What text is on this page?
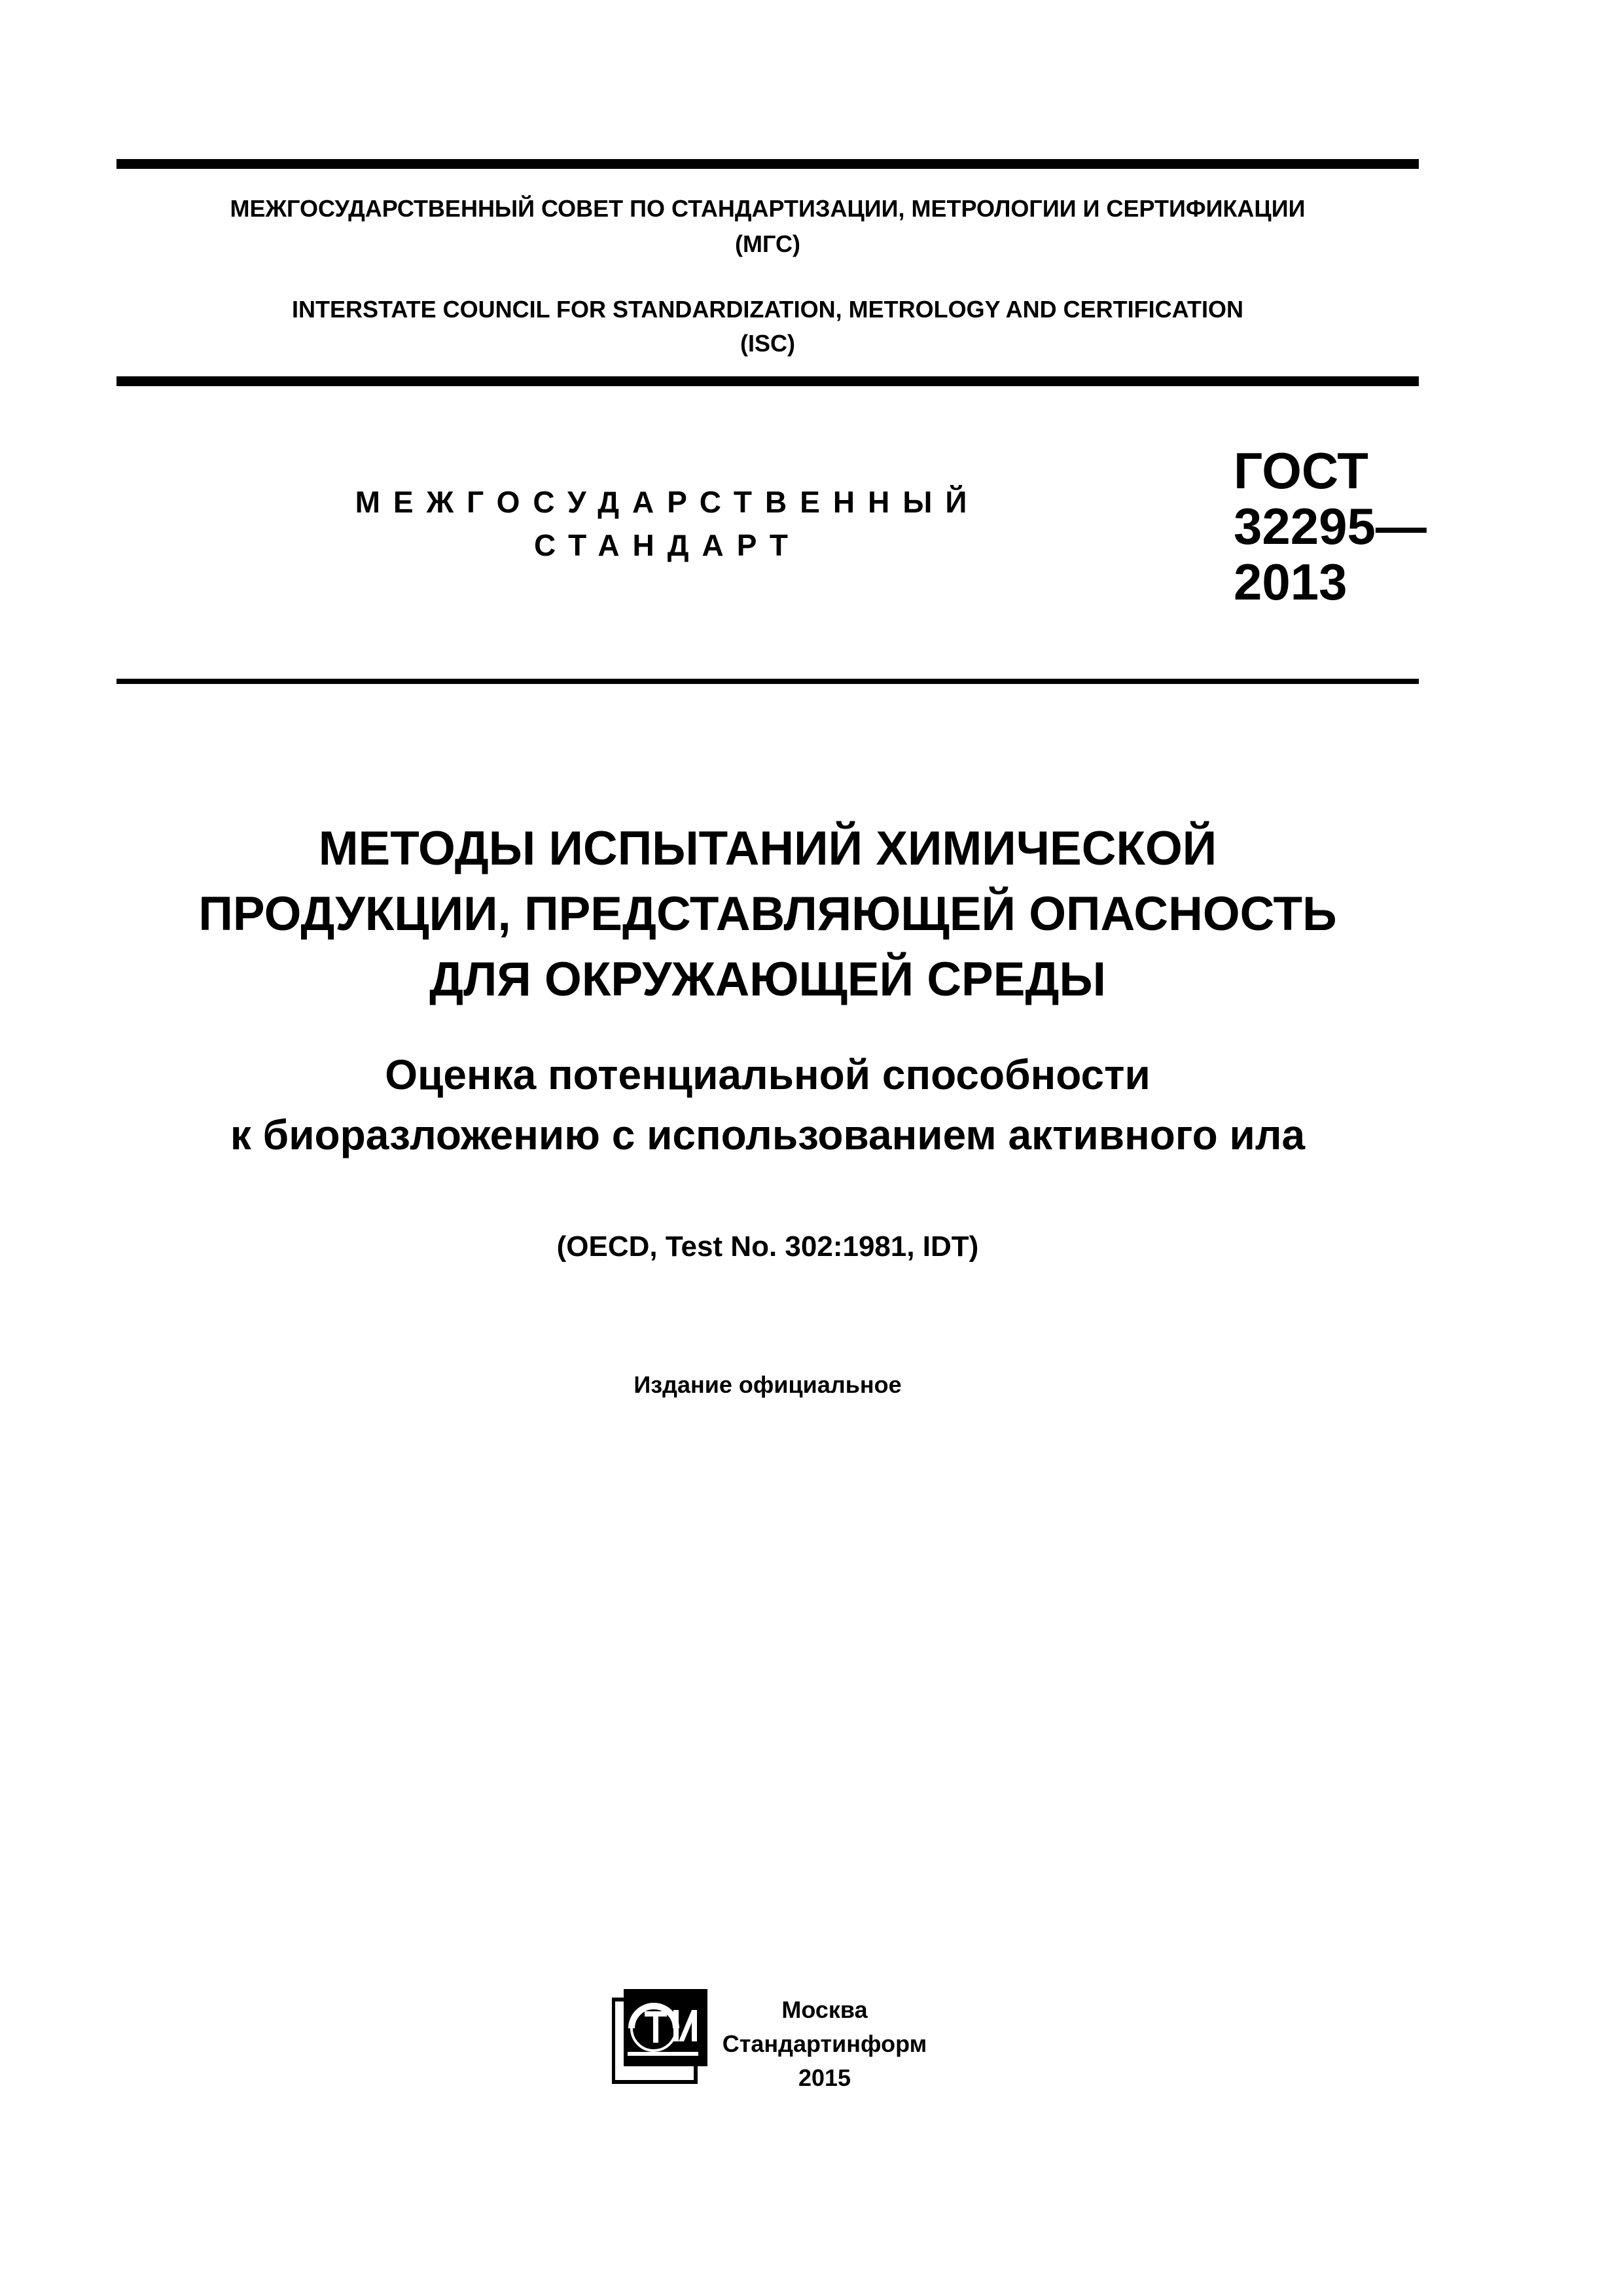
МЕЖГОСУДАРСТВЕННЫЙ СОВЕТ ПО СТАНДАРТИЗАЦИИ, МЕТРОЛОГИИ И СЕРТИФИКАЦИИ
(МГС)
INTERSTATE COUNCIL FOR STANDARDIZATION, METROLOGY AND CERTIFICATION
(ISC)
МЕЖГОСУДАРСТВЕННЫЙ
СТАНДАРТ
ГОСТ
32295—
2013
МЕТОДЫ ИСПЫТАНИЙ ХИМИЧЕСКОЙ
ПРОДУКЦИИ, ПРЕДСТАВЛЯЮЩЕЙ ОПАСНОСТЬ
ДЛЯ ОКРУЖАЮЩЕЙ СРЕДЫ
Оценка потенциальной способности
к биоразложению с использованием активного ила
(OECD, Test No. 302:1981, IDT)
Издание официальное
Москва
Стандартинформ
2015
